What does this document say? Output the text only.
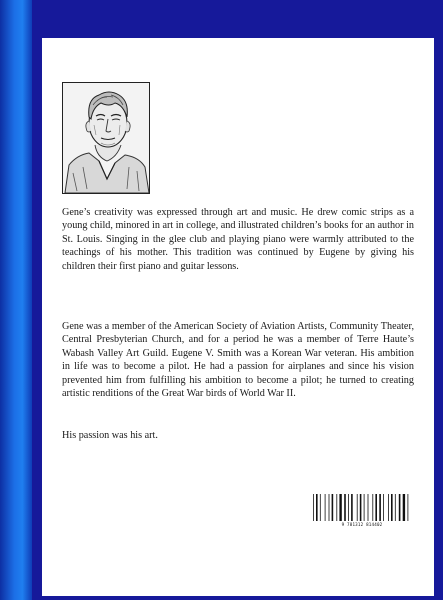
Gene’s creativity was expressed through art and music. He drew comic strips as a young child, minored in art in college, and illustrated children’s books for an author in St. Louis. Singing in the glee club and playing piano were warmly attributed to the teachings of his mother. This tradition was continued by Eugene by giving his children their first piano and guitar lessons.

Gene was a member of the American Society of Aviation Artists, Community Theater, Central Presbyterian Church, and for a period he was a member of Terre Haute’s Wabash Valley Art Guild. Eugene V. Smith was a Korean War veteran. His ambition in life was to become a pilot. He had a passion for airplanes and since his vision prevented him from fulfilling his ambition to become a pilot; he turned to creating artistic renditions of the Great War birds of World War II.

His passion was his art.

9 781312 814402
